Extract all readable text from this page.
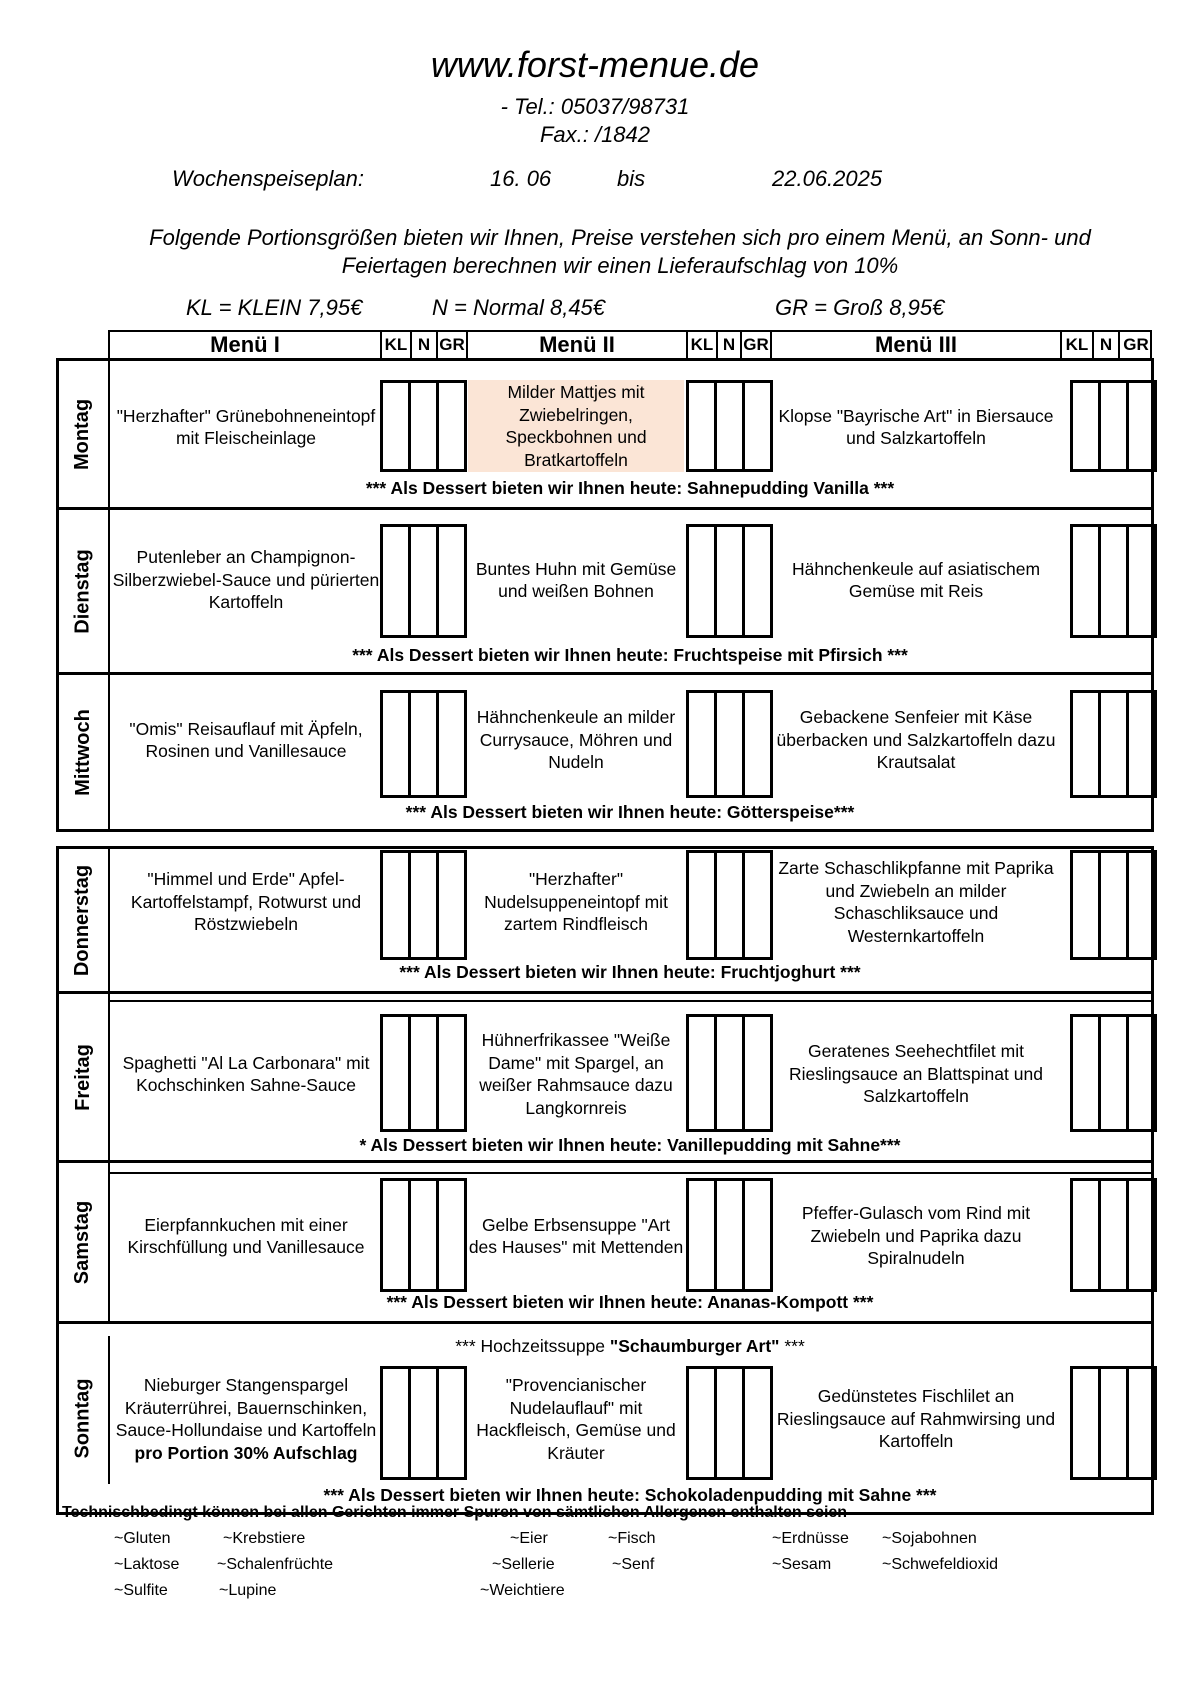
www.forst-menue.de
- Tel.: 05037/98731
Fax.: /1842
Wochenspeiseplan:	16. 06	bis	22.06.2025
Folgende Portionsgrößen bieten wir Ihnen, Preise verstehen sich pro einem Menü, an Sonn- und
Feiertagen berechnen wir einen Lieferaufschlag von 10%
KL = KLEIN 7,95€	N = Normal 8,45€	GR = Groß 8,95€
Menü I	KL N GR	Menü II	KL N GR	Menü III	KL N GR
Montag "Herzhafter" Grünebohneneintopf mit Fleischeinlage
Milder Mattjes mit Zwiebelringen, Speckbohnen und Bratkartoffeln
Klopse "Bayrische Art" in Biersauce und Salzkartoffeln
*** Als Dessert bieten wir Ihnen heute: Sahnepudding Vanilla ***
Dienstag	Putenleber an Champignon-Silberzwiebel-Sauce und pürierten Kartoffeln
Buntes Huhn mit Gemüse und weißen Bohnen
Hähnchenkeule auf asiatischem Gemüse mit Reis
*** Als Dessert bieten wir Ihnen heute: Fruchtspeise mit Pfirsich ***
Mittwoch	"Omis" Reisauflauf mit Äpfeln, Rosinen und Vanillesauce
Hähnchenkeule an milder Currysauce, Möhren und Nudeln
Gebackene Senfeier mit Käse überbacken und Salzkartoffeln dazu Krautsalat
*** Als Dessert bieten wir Ihnen heute: Götterspeise***
Donnerstag	"Himmel und Erde" Apfel- Kartoffelstampf, Rotwurst und Röstzwiebeln
"Herzhafter" Nudelsuppeneintopf mit zartem Rindfleisch
Zarte Schaschlikpfanne mit Paprika und Zwiebeln an milder Schaschliksauce und Westernkartoffeln
*** Als Dessert bieten wir Ihnen heute: Fruchtjoghurt ***
Freitag	Spaghetti "Al La Carbonara" mit Kochschinken Sahne-Sauce
Hühnerfrikassee "Weiße Dame" mit Spargel, an weißer Rahmsauce dazu Langkornreis
Geratenes Seehechtfilet mit Rieslingsauce an Blattspinat und Salzkartoffeln
* Als Dessert bieten wir Ihnen heute: Vanillepudding mit Sahne***
Samstag	Eierpfannkuchen mit einer Kirschfüllung und Vanillesauce
Gelbe Erbsensuppe "Art des Hauses" mit Mettenden
Pfeffer-Gulasch vom Rind mit Zwiebeln und Paprika dazu Spiralnudeln
*** Als Dessert bieten wir Ihnen heute: Ananas-Kompott ***
Sonntag
*** Hochzeitssuppe "Schaumburger Art" ***
Nieburger Stangenspargel Kräuterrührei, Bauernschinken, Sauce-Hollundaise und Kartoffeln pro Portion 30% Aufschlag
"Provencianischer Nudelauflauf" mit Hackfleisch, Gemüse und Kräuter
Gedünstetes Fischlilet an Rieslingsauce auf Rahmwirsing und Kartoffeln
*** Als Dessert bieten wir Ihnen heute: Schokoladenpudding mit Sahne ***
Technischbedingt können bei allen Gerichten immer Spuren von sämtlichen Allergenen enthalten seien
~Gluten	~Krebstiere	~Eier	~Fisch	~Erdnüsse ~Sojabohnen
~Laktose ~Schalenfrüchte	~Sellerie	~Senf	~Sesam	~Schwefeldioxid
~Sulfite	~Lupine	~Weichtiere
